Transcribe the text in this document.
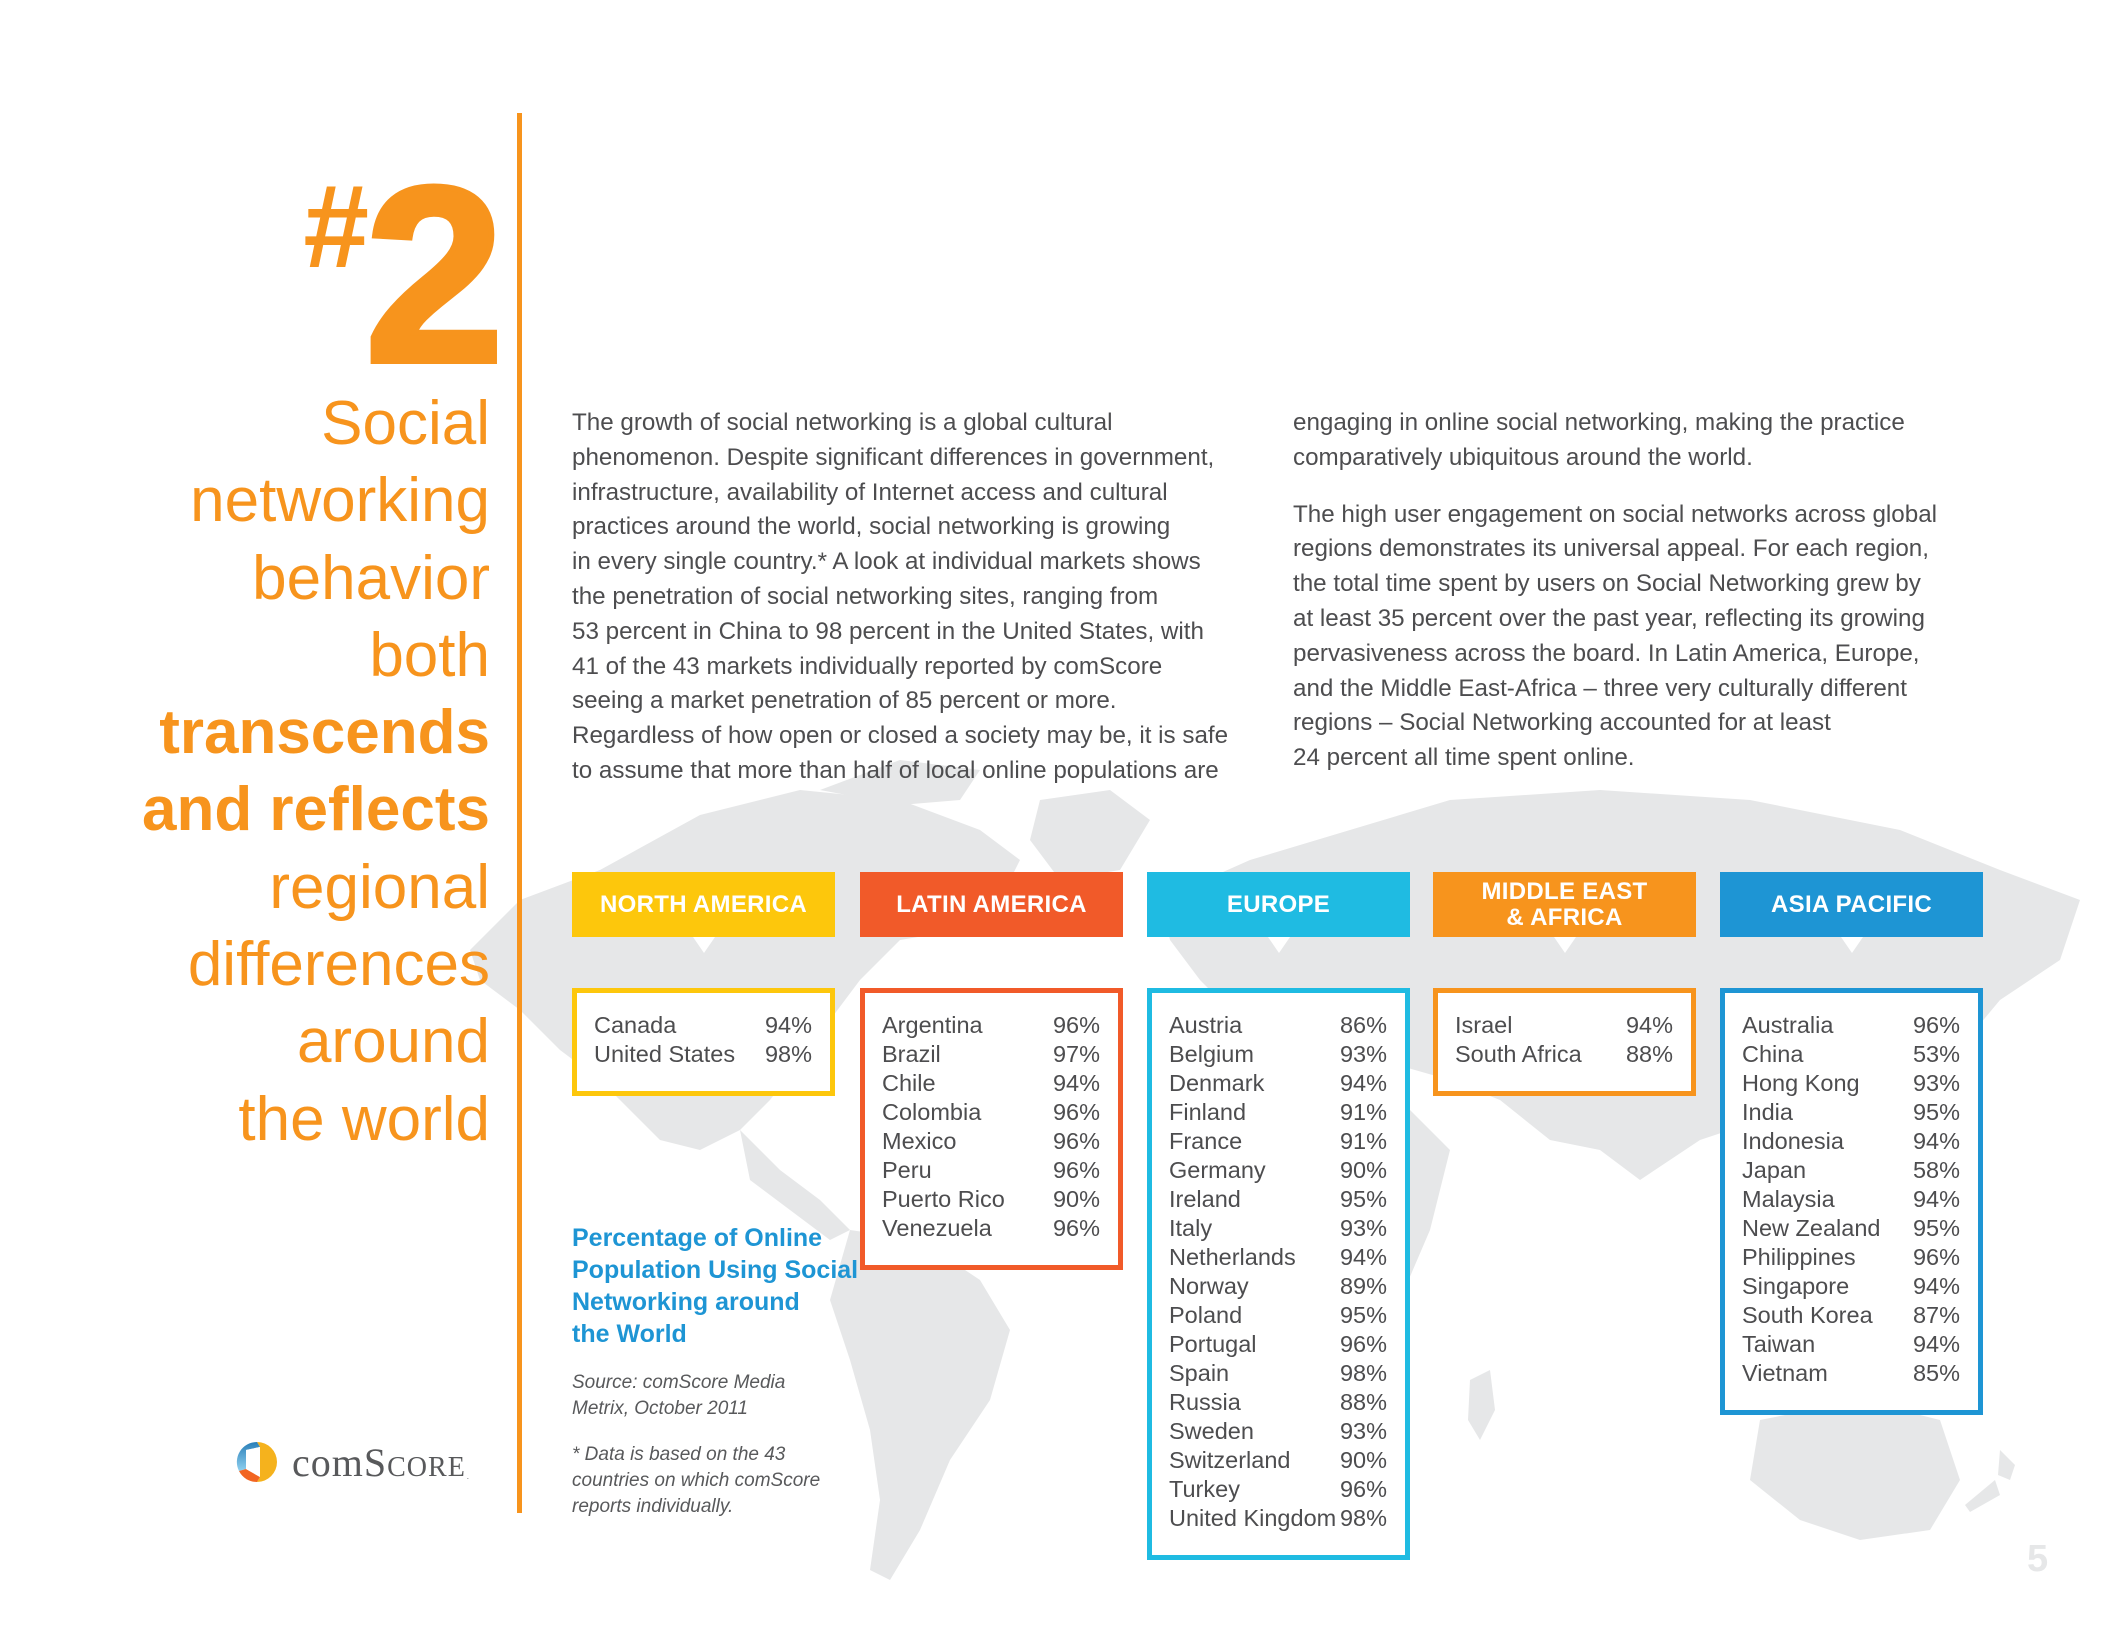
#2
Social
networking
behavior
both
transcends
and reflects
regional
differences
around
the world
comScore .

The growth of social networking is a global cultural
phenomenon. Despite significant differences in government,
infrastructure, availability of Internet access and cultural
practices around the world, social networking is growing
in every single country.* A look at individual markets shows
the penetration of social networking sites, ranging from
53 percent in China to 98 percent in the United States, with
41 of the 43 markets individually reported by comScore
seeing a market penetration of 85 percent or more.
Regardless of how open or closed a society may be, it is safe
to assume that more than half of local online populations are

engaging in online social networking, making the practice
comparatively ubiquitous around the world.

The high user engagement on social networks across global
regions demonstrates its universal appeal. For each region,
the total time spent by users on Social Networking grew by
at least 35 percent over the past year, reflecting its growing
pervasiveness across the board. In Latin America, Europe,
and the Middle East-Africa – three very culturally different
regions – Social Networking accounted for at least
24 percent all time spent online.

NORTH AMERICA
Canada	94%
United States 98%
LATIN AMERICA
Argentina	96%
Brazil	97%
Chile	94%
Colombia	96%
Mexico	96%
Peru	96%
Puerto Rico 90%
Venezuela	96%
EUROPE
Austria	86%
Belgium	93%
Denmark	94%
Finland	91%
France	91%
Germany	90%
Ireland	95%
Italy	93%
Netherlands 94%
Norway	89%
Poland	95%
Portugal	96%
Spain	98%
Russia	88%
Sweden	93%
Switzerland 90%
Turkey	96%
United Kingdom 98%
MIDDLE EAST
& AFRICA
Israel	94%
South Africa 88%
ASIA PACIFIC
Australia	96%
China	53%
Hong Kong 93%
India	95%
Indonesia	94%
Japan	58%
Malaysia	94%
New Zealand 95%
Philippines 96%
Singapore	94%
South Korea 87%
Taiwan	94%
Vietnam	85%
Percentage of Online
Population Using Social
Networking around
the World
Source: comScore Media
Metrix, October 2011
* Data is based on the 43
countries on which comScore
reports individually.
5
